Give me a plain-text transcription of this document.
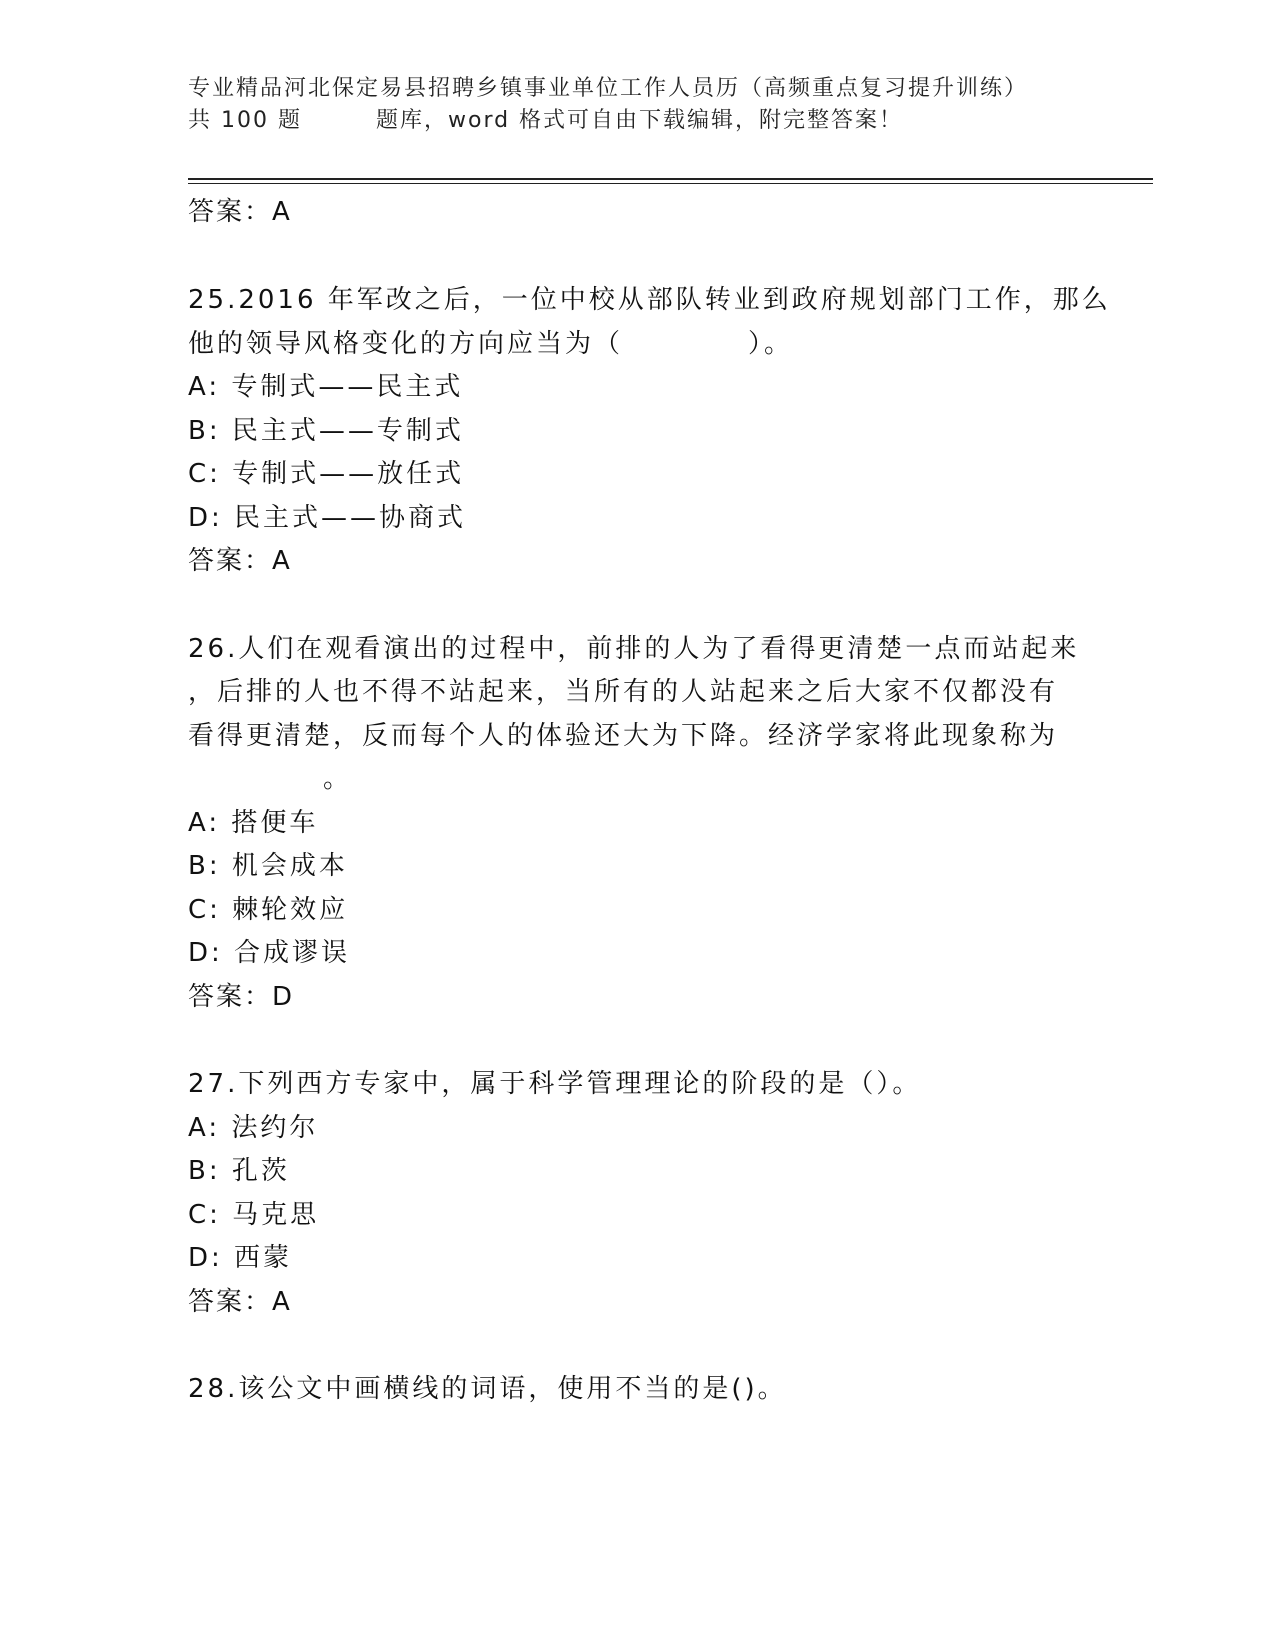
专业精品河北保定易县招聘乡镇事业单位工作人员历（高频重点复习提升训练）
共 100 题	题库，word 格式可自由下载编辑，附完整答案！
答案：A
25.2016 年军改之后，一位中校从部队转业到政府规划部门工作，那么
他的领导风格变化的方向应当为（	）。
A: 专制式——民主式
B: 民主式——专制式
C: 专制式——放任式
D: 民主式——协商式
答案：A
26.人们在观看演出的过程中，前排的人为了看得更清楚一点而站起来
，后排的人也不得不站起来，当所有的人站起来之后大家不仅都没有
看得更清楚，反而每个人的体验还大为下降。经济学家将此现象称为
。
A: 搭便车
B: 机会成本
C: 棘轮效应
D: 合成谬误
答案：D
27.下列西方专家中，属于科学管理理论的阶段的是（）。
A: 法约尔
B: 孔茨
C: 马克思
D: 西蒙
答案：A
28.该公文中画横线的词语，使用不当的是()。
